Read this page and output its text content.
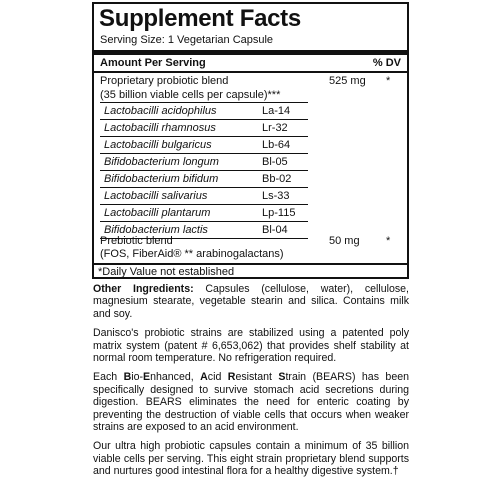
Supplement Facts
Serving Size: 1 Vegetarian Capsule
Amount Per Serving	% DV
Proprietary probiotic blend	525 mg *
(35 billion viable cells per capsule)***
Lactobacilli acidophilus	La-14
Lactobacilli rhamnosus	Lr-32
Lactobacilli bulgaricus	Lb-64
Bifidobacterium longum	Bl-05
Bifidobacterium bifidum	Bb-02
Lactobacilli salivarius	Ls-33
Lactobacilli plantarum	Lp-115
Bifidobacterium lactis	Bl-04
Prebiotic blend	50 mg *
(FOS, FiberAid® ** arabinogalactans)
*Daily Value not established

Other Ingredients: Capsules (cellulose, water), cellulose, magnesium stearate, vegetable stearin and silica. Contains milk and soy.

Danisco's probiotic strains are stabilized using a patented poly matrix system (patent # 6,653,062) that provides shelf stability at normal room temperature. No refrigeration required.

Each Bio-Enhanced, Acid Resistant Strain (BEARS) has been specifically designed to survive stomach acid secretions during digestion. BEARS eliminates the need for enteric coating by preventing the destruction of viable cells that occurs when weaker strains are exposed to an acid environment.

Our ultra high probiotic capsules contain a minimum of 35 billion viable cells per serving. This eight strain proprietary blend supports and nurtures good intestinal flora for a healthy digestive system.†
